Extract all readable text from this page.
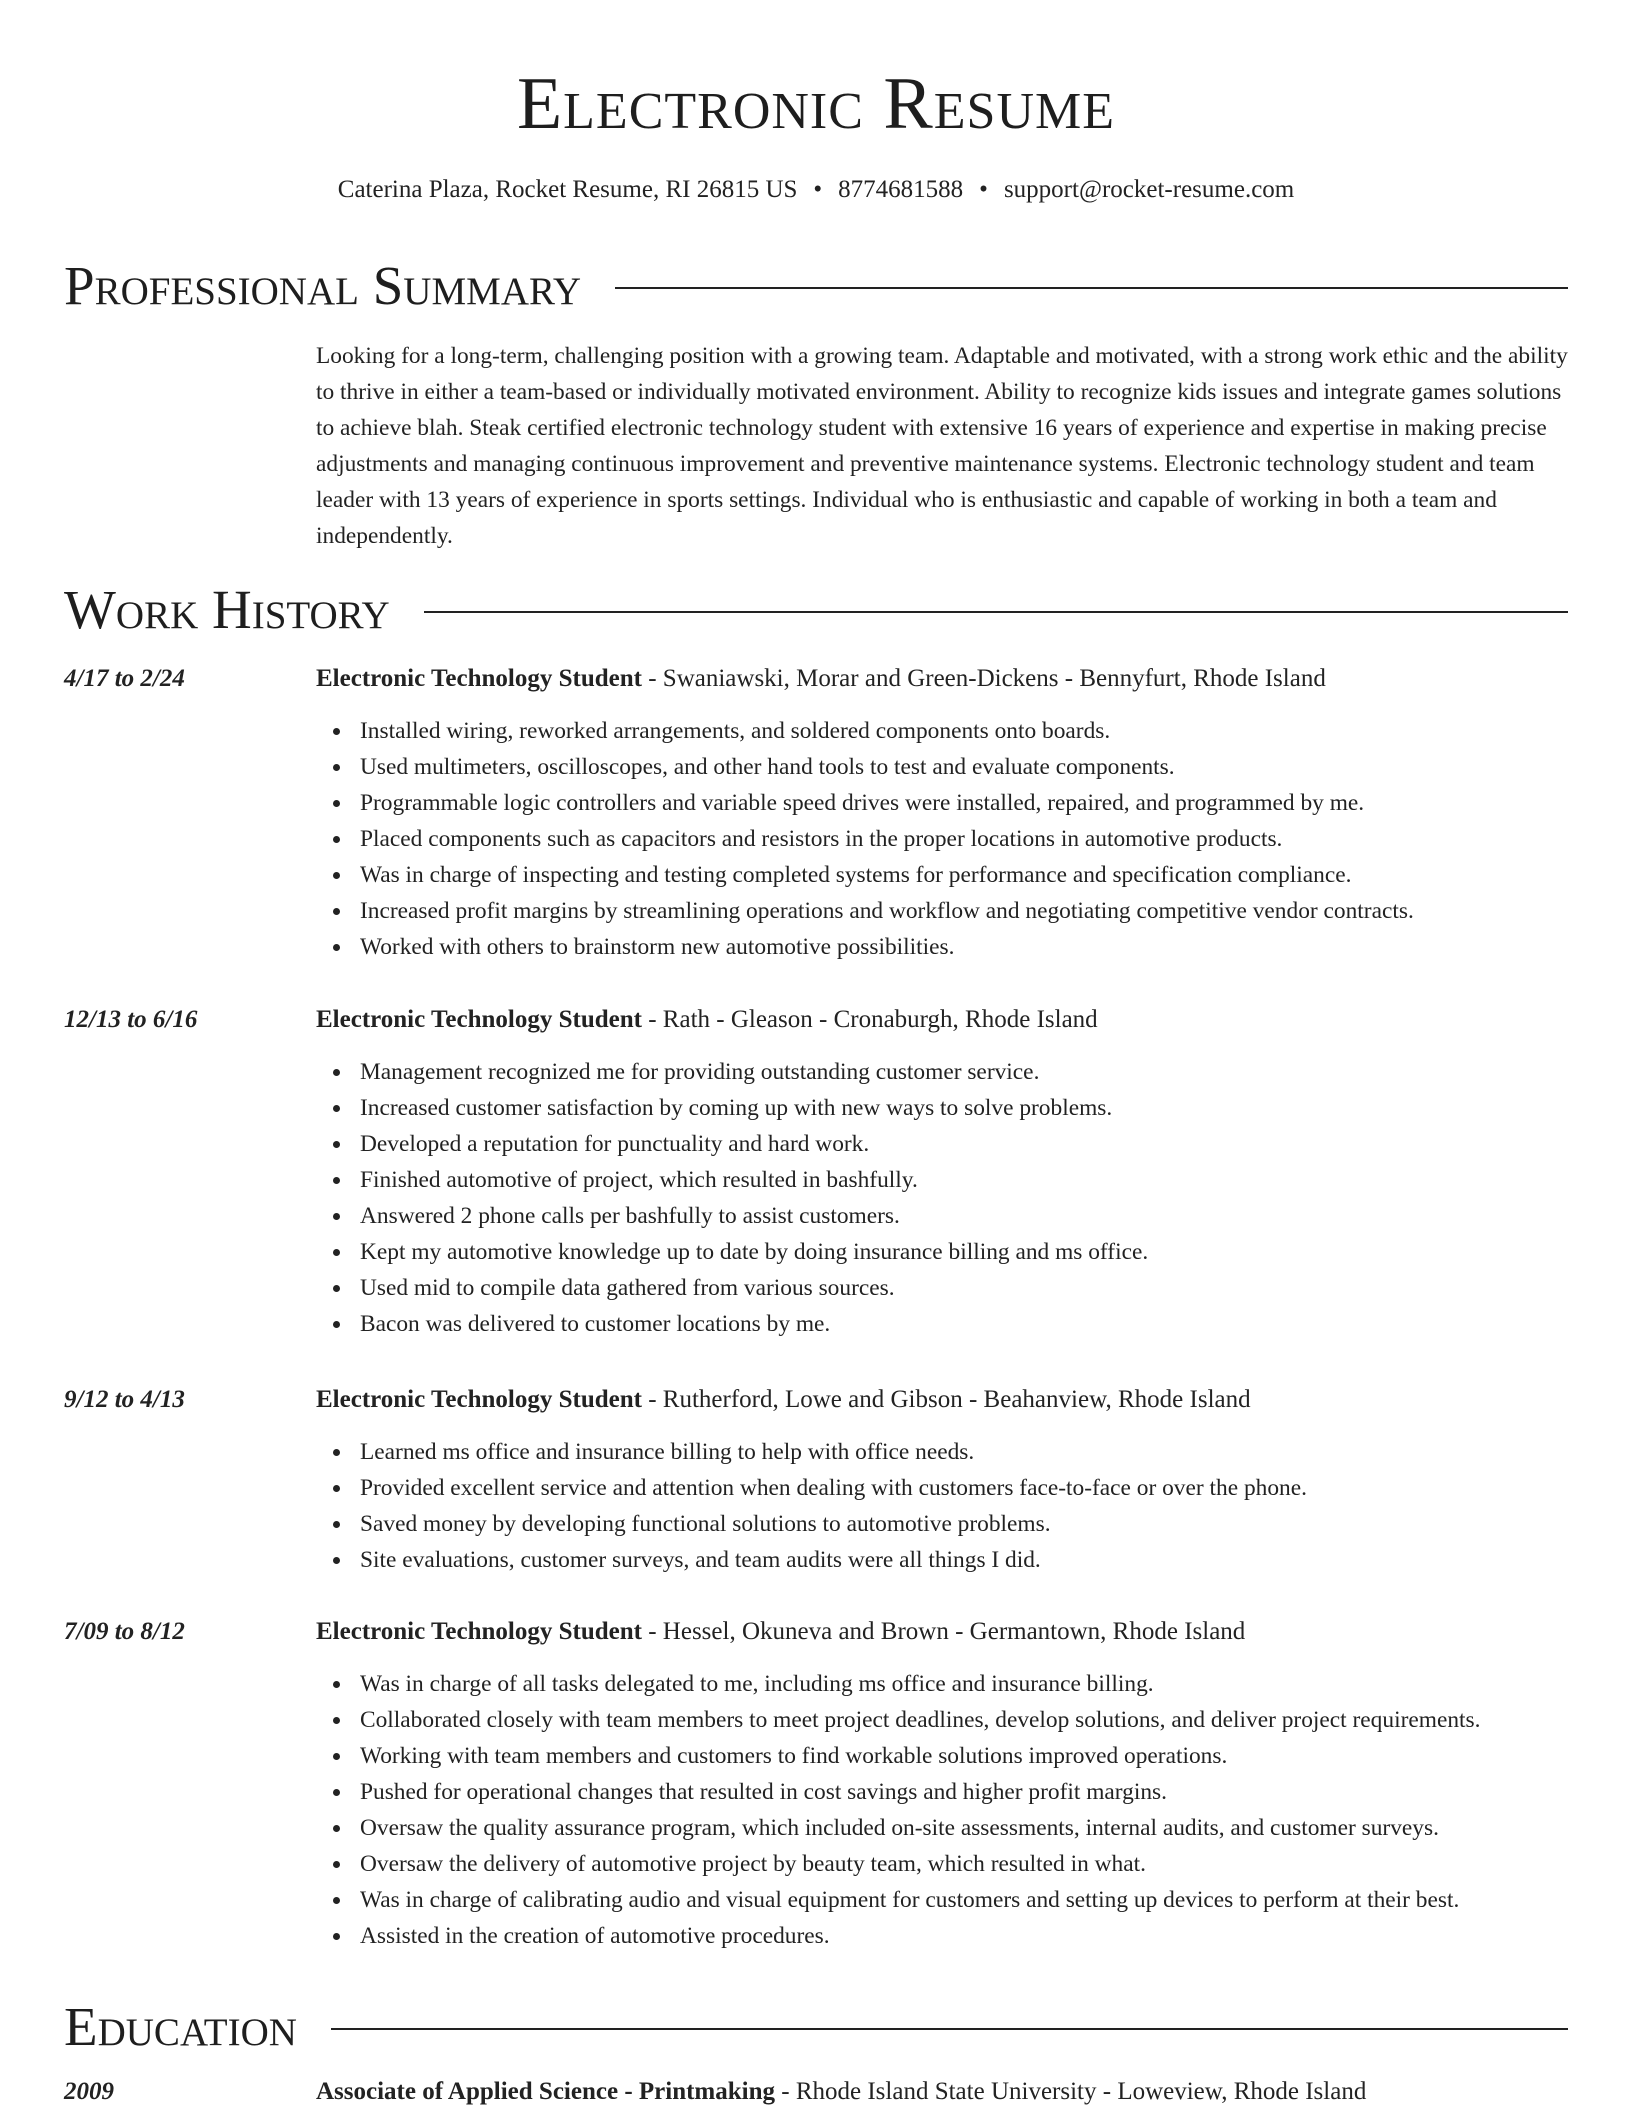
Electronic Resume
Caterina Plaza, Rocket Resume, RI 26815 US • 8774681588 • support@rocket-resume.com
Professional Summary

Looking for a long-term, challenging position with a growing team. Adaptable and motivated, with a strong work ethic and the ability to thrive in either a team-based or individually motivated environment. Ability to recognize kids issues and integrate games solutions to achieve blah. Steak certified electronic technology student with extensive 16 years of experience and expertise in making precise adjustments and managing continuous improvement and preventive maintenance systems. Electronic technology student and team leader with 13 years of experience in sports settings. Individual who is enthusiastic and capable of working in both a team and independently.

Work History
4/17 to 2/24	Electronic Technology Student - Swaniawski, Morar and Green-Dickens - Bennyfurt, Rhode Island
Installed wiring, reworked arrangements, and soldered components onto boards.
Used multimeters, oscilloscopes, and other hand tools to test and evaluate components.
Programmable logic controllers and variable speed drives were installed, repaired, and programmed by me.
Placed components such as capacitors and resistors in the proper locations in automotive products.
Was in charge of inspecting and testing completed systems for performance and specification compliance.
Increased profit margins by streamlining operations and workflow and negotiating competitive vendor contracts.
Worked with others to brainstorm new automotive possibilities.
12/13 to 6/16	Electronic Technology Student - Rath - Gleason - Cronaburgh, Rhode Island
Management recognized me for providing outstanding customer service.
Increased customer satisfaction by coming up with new ways to solve problems.
Developed a reputation for punctuality and hard work.
Finished automotive of project, which resulted in bashfully.
Answered 2 phone calls per bashfully to assist customers.
Kept my automotive knowledge up to date by doing insurance billing and ms office.
Used mid to compile data gathered from various sources.
Bacon was delivered to customer locations by me.
9/12 to 4/13	Electronic Technology Student - Rutherford, Lowe and Gibson - Beahanview, Rhode Island
Learned ms office and insurance billing to help with office needs.
Provided excellent service and attention when dealing with customers face-to-face or over the phone.
Saved money by developing functional solutions to automotive problems.
Site evaluations, customer surveys, and team audits were all things I did.
7/09 to 8/12	Electronic Technology Student - Hessel, Okuneva and Brown - Germantown, Rhode Island
Was in charge of all tasks delegated to me, including ms office and insurance billing.
Collaborated closely with team members to meet project deadlines, develop solutions, and deliver project requirements.
Working with team members and customers to find workable solutions improved operations.
Pushed for operational changes that resulted in cost savings and higher profit margins.
Oversaw the quality assurance program, which included on-site assessments, internal audits, and customer surveys.
Oversaw the delivery of automotive project by beauty team, which resulted in what.
Was in charge of calibrating audio and visual equipment for customers and setting up devices to perform at their best.
Assisted in the creation of automotive procedures.
Education
2009	Associate of Applied Science - Printmaking - Rhode Island State University - Loweview, Rhode Island
